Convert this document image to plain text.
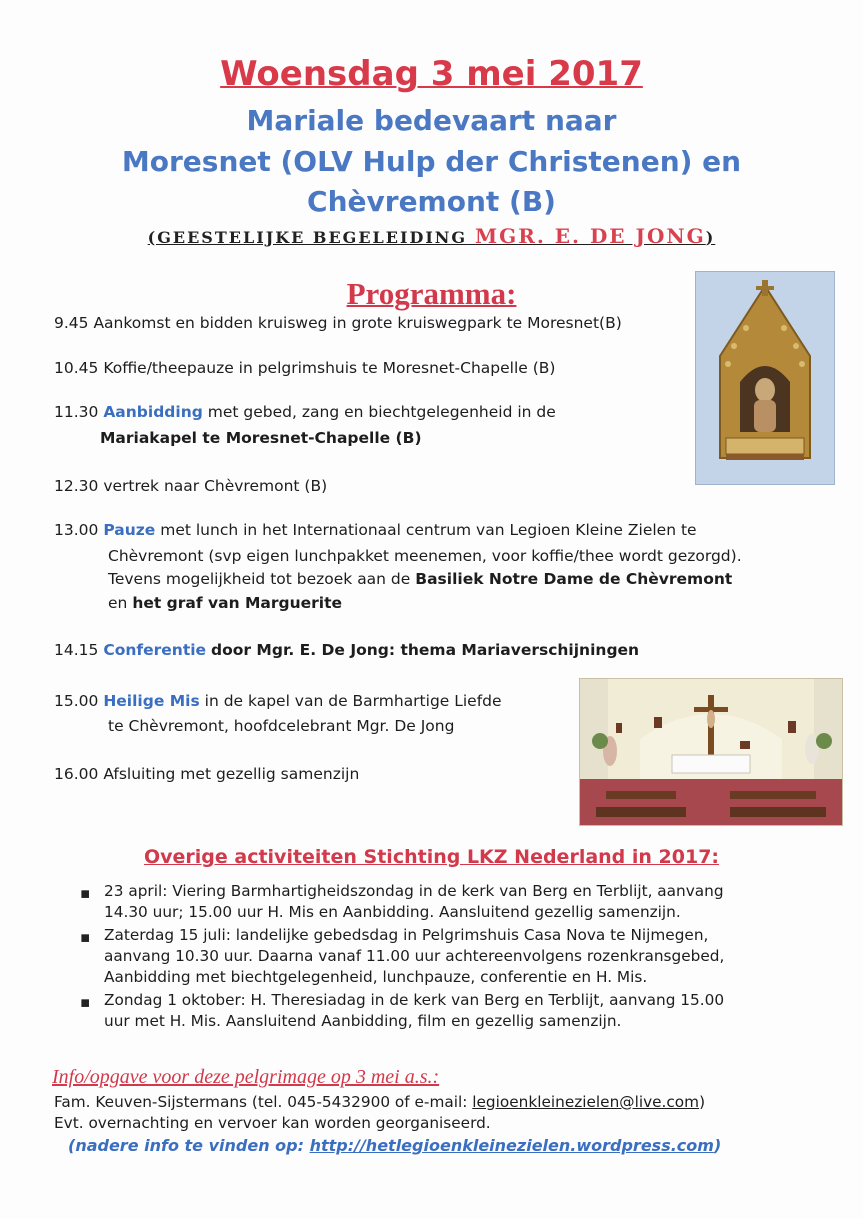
Woensdag 3 mei 2017
Mariale bedevaart naar
Moresnet (OLV Hulp der Christenen) en
Chèvremont (B)
(GEESTELIJKE BEGELEIDING MGR. E. DE JONG)
Programma:
9.45 Aankomst en bidden kruisweg in grote kruiswegpark te Moresnet(B)
10.45 Koffie/theepauze in pelgrimshuis te Moresnet-Chapelle (B)
11.30 Aanbidding met gebed, zang en biechtgelegenheid in de
Mariakapel te Moresnet-Chapelle (B)
12.30 vertrek naar Chèvremont (B)
13.00 Pauze met lunch in het Internationaal centrum van Legioen Kleine Zielen te
Chèvremont (svp eigen lunchpakket meenemen, voor koffie/thee wordt gezorgd).
Tevens mogelijkheid tot bezoek aan de Basiliek Notre Dame de Chèvremont
en het graf van Marguerite
14.15 Conferentie door Mgr. E. De Jong: thema Mariaverschijningen
15.00 Heilige Mis in de kapel van de Barmhartige Liefde
te Chèvremont, hoofdcelebrant Mgr. De Jong
16.00 Afsluiting met gezellig samenzijn
Overige activiteiten Stichting LKZ Nederland in 2017:
▪ 23 april: Viering Barmhartigheidszondag in de kerk van Berg en Terblijt, aanvang
14.30 uur; 15.00 uur H. Mis en Aanbidding. Aansluitend gezellig samenzijn.
▪ Zaterdag 15 juli: landelijke gebedsdag in Pelgrimshuis Casa Nova te Nijmegen,
aanvang 10.30 uur. Daarna vanaf 11.00 uur achtereenvolgens rozenkransgebed,
Aanbidding met biechtgelegenheid, lunchpauze, conferentie en H. Mis.
▪ Zondag 1 oktober: H. Theresiadag in de kerk van Berg en Terblijt, aanvang 15.00
uur met H. Mis. Aansluitend Aanbidding, film en gezellig samenzijn.
Info/opgave voor deze pelgrimage op 3 mei a.s.:
Fam. Keuven-Sijstermans (tel. 045-5432900 of e-mail: legioenkleinezielen@live.com)
Evt. overnachting en vervoer kan worden georganiseerd.
(nadere info te vinden op: http://hetlegioenkleinezielen.wordpress.com)
